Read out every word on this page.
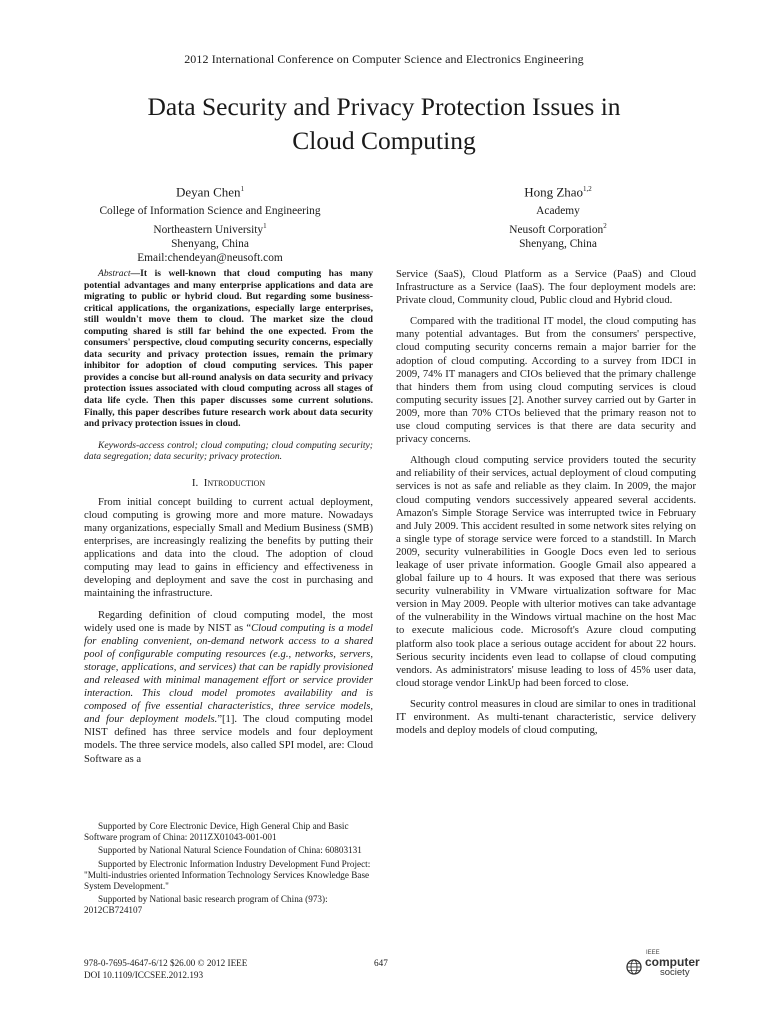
2012 International Conference on Computer Science and Electronics Engineering
Data Security and Privacy Protection Issues in
Cloud Computing
Deyan Chen$^1$
College of Information Science and Engineering
Northeastern University$^1$
Shenyang, China
Email:chendeyan@neusoft.com
Hong Zhao$^{1,2}$
Academy
Neusoft Corporation$^2$
Shenyang, China

Abstract—It is well-known that cloud computing has many potential advantages and many enterprise applications and data are migrating to public or hybrid cloud. But regarding some business-critical applications, the organizations, especially large enterprises, still wouldn't move them to cloud. The market size the cloud computing shared is still far behind the one expected. From the consumers' perspective, cloud computing security concerns, especially data security and privacy protection issues, remain the primary inhibitor for adoption of cloud computing services. This paper provides a concise but all-round analysis on data security and privacy protection issues associated with cloud computing across all stages of data life cycle. Then this paper discusses some current solutions. Finally, this paper describes future research work about data security and privacy protection issues in cloud.

Keywords-access control; cloud computing; cloud computing security; data segregation; data security; privacy protection.

I. Introduction

From initial concept building to current actual deployment, cloud computing is growing more and more mature. Nowadays many organizations, especially Small and Medium Business (SMB) enterprises, are increasingly realizing the benefits by putting their applications and data into the cloud. The adoption of cloud computing may lead to gains in efficiency and effectiveness in developing and deployment and save the cost in purchasing and maintaining the infrastructure.

Regarding definition of cloud computing model, the most widely used one is made by NIST as “Cloud computing is a model for enabling convenient, on-demand network access to a shared pool of configurable computing resources (e.g., networks, servers, storage, applications, and services) that can be rapidly provisioned and released with minimal management effort or service provider interaction. This cloud model promotes availability and is composed of five essential characteristics, three service models, and four deployment models.”[1]. The cloud computing model NIST defined has three service models and four deployment models. The three service models, also called SPI model, are: Cloud Software as a

Supported by Core Electronic Device, High General Chip and Basic Software program of China: 2011ZX01043-001-001

Supported by National Natural Science Foundation of China: 60803131

Supported by Electronic Information Industry Development Fund Project: "Multi-industries oriented Information Technology Services Knowledge Base System Development."

Supported by National basic research program of China (973): 2012CB724107

Service (SaaS), Cloud Platform as a Service (PaaS) and Cloud Infrastructure as a Service (IaaS). The four deployment models are: Private cloud, Community cloud, Public cloud and Hybrid cloud.

Compared with the traditional IT model, the cloud computing has many potential advantages. But from the consumers' perspective, cloud computing security concerns remain a major barrier for the adoption of cloud computing. According to a survey from IDCI in 2009, 74% IT managers and CIOs believed that the primary challenge that hinders them from using cloud computing services is cloud computing security issues [2]. Another survey carried out by Garter in 2009, more than 70% CTOs believed that the primary reason not to use cloud computing services is that there are data security and privacy concerns.

Although cloud computing service providers touted the security and reliability of their services, actual deployment of cloud computing services is not as safe and reliable as they claim. In 2009, the major cloud computing vendors successively appeared several accidents. Amazon's Simple Storage Service was interrupted twice in February and July 2009. This accident resulted in some network sites relying on a single type of storage service were forced to a standstill. In March 2009, security vulnerabilities in Google Docs even led to serious leakage of user private information. Google Gmail also appeared a global failure up to 4 hours. It was exposed that there was serious security vulnerability in VMware virtualization software for Mac version in May 2009. People with ulterior motives can take advantage of the vulnerability in the Windows virtual machine on the host Mac to execute malicious code. Microsoft's Azure cloud computing platform also took place a serious outage accident for about 22 hours. Serious security incidents even lead to collapse of cloud computing vendors. As administrators' misuse leading to loss of 45% user data, cloud storage vendor LinkUp had been forced to close.

Security control measures in cloud are similar to ones in traditional IT environment. As multi-tenant characteristic, service delivery models and deploy models of cloud computing,

978-0-7695-4647-6/12 $26.00 © 2012 IEEE
DOI 10.1109/ICCSEE.2012.193
647
IEEE
computer
society
